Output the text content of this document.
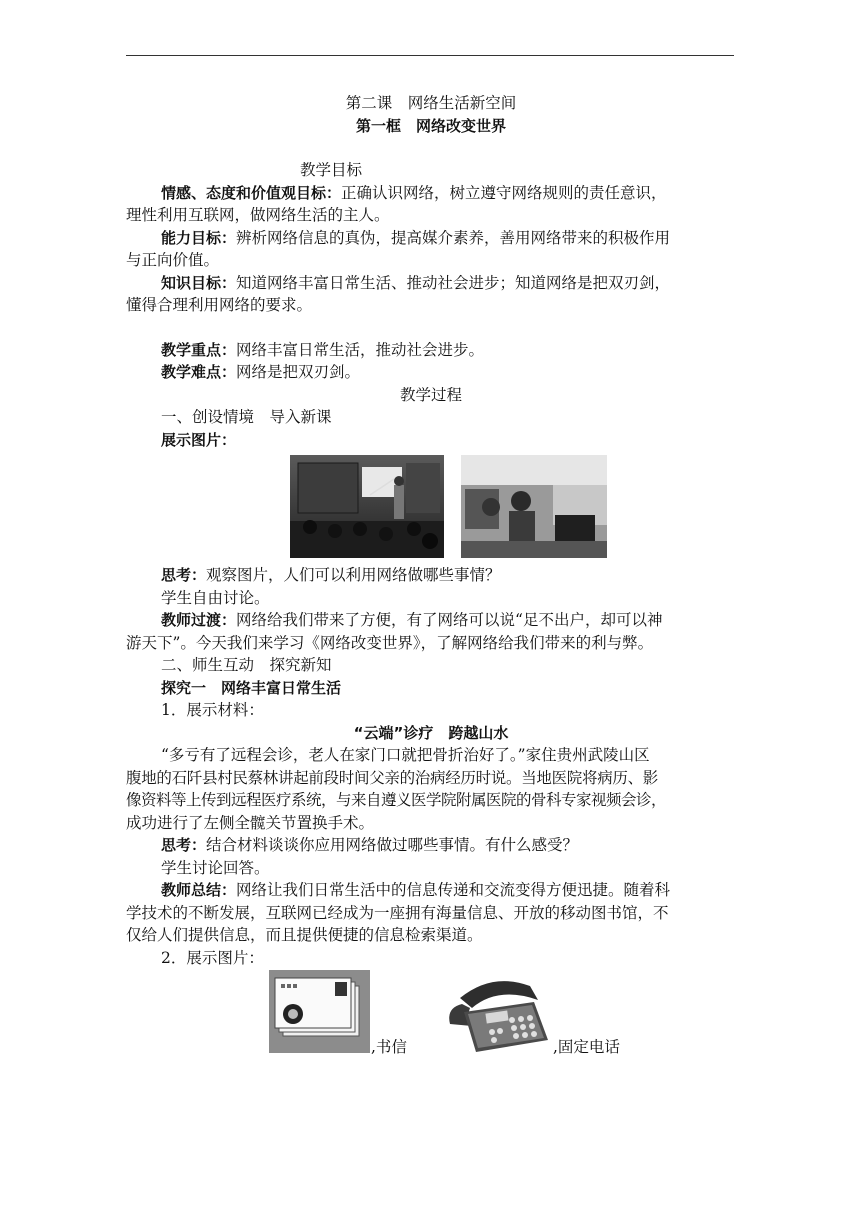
第二课　网络生活新空间
第一框　网络改变世界
教学目标
情感、态度和价值观目标：正确认识网络，树立遵守网络规则的责任意识，
理性利用互联网，做网络生活的主人。
能力目标：辨析网络信息的真伪，提高媒介素养，善用网络带来的积极作用
与正向价值。
知识目标：知道网络丰富日常生活、推动社会进步；知道网络是把双刃剑，
懂得合理利用网络的要求。
教学重点：网络丰富日常生活，推动社会进步。
教学难点：网络是把双刃剑。
教学过程
一、创设情境　导入新课
展示图片：
思考：观察图片，人们可以利用网络做哪些事情？
学生自由讨论。
教师过渡：网络给我们带来了方便，有了网络可以说“足不出户，却可以神
游天下”。今天我们来学习《网络改变世界》，了解网络给我们带来的利与弊。
二、师生互动　探究新知
探究一　网络丰富日常生活
1．展示材料：
“云端”诊疗　跨越山水
“多亏有了远程会诊，老人在家门口就把骨折治好了。”家住贵州武陵山区
腹地的石阡县村民蔡林讲起前段时间父亲的治病经历时说。当地医院将病历、影
像资料等上传到远程医疗系统，与来自遵义医学院附属医院的骨科专家视频会诊，
成功进行了左侧全髋关节置换手术。
思考：结合材料谈谈你应用网络做过哪些事情。有什么感受？
学生讨论回答。
教师总结：网络让我们日常生活中的信息传递和交流变得方便迅捷。随着科
学技术的不断发展，互联网已经成为一座拥有海量信息、开放的移动图书馆，不
仅给人们提供信息，而且提供便捷的信息检索渠道。
2．展示图片：
,书信	,固定电话
